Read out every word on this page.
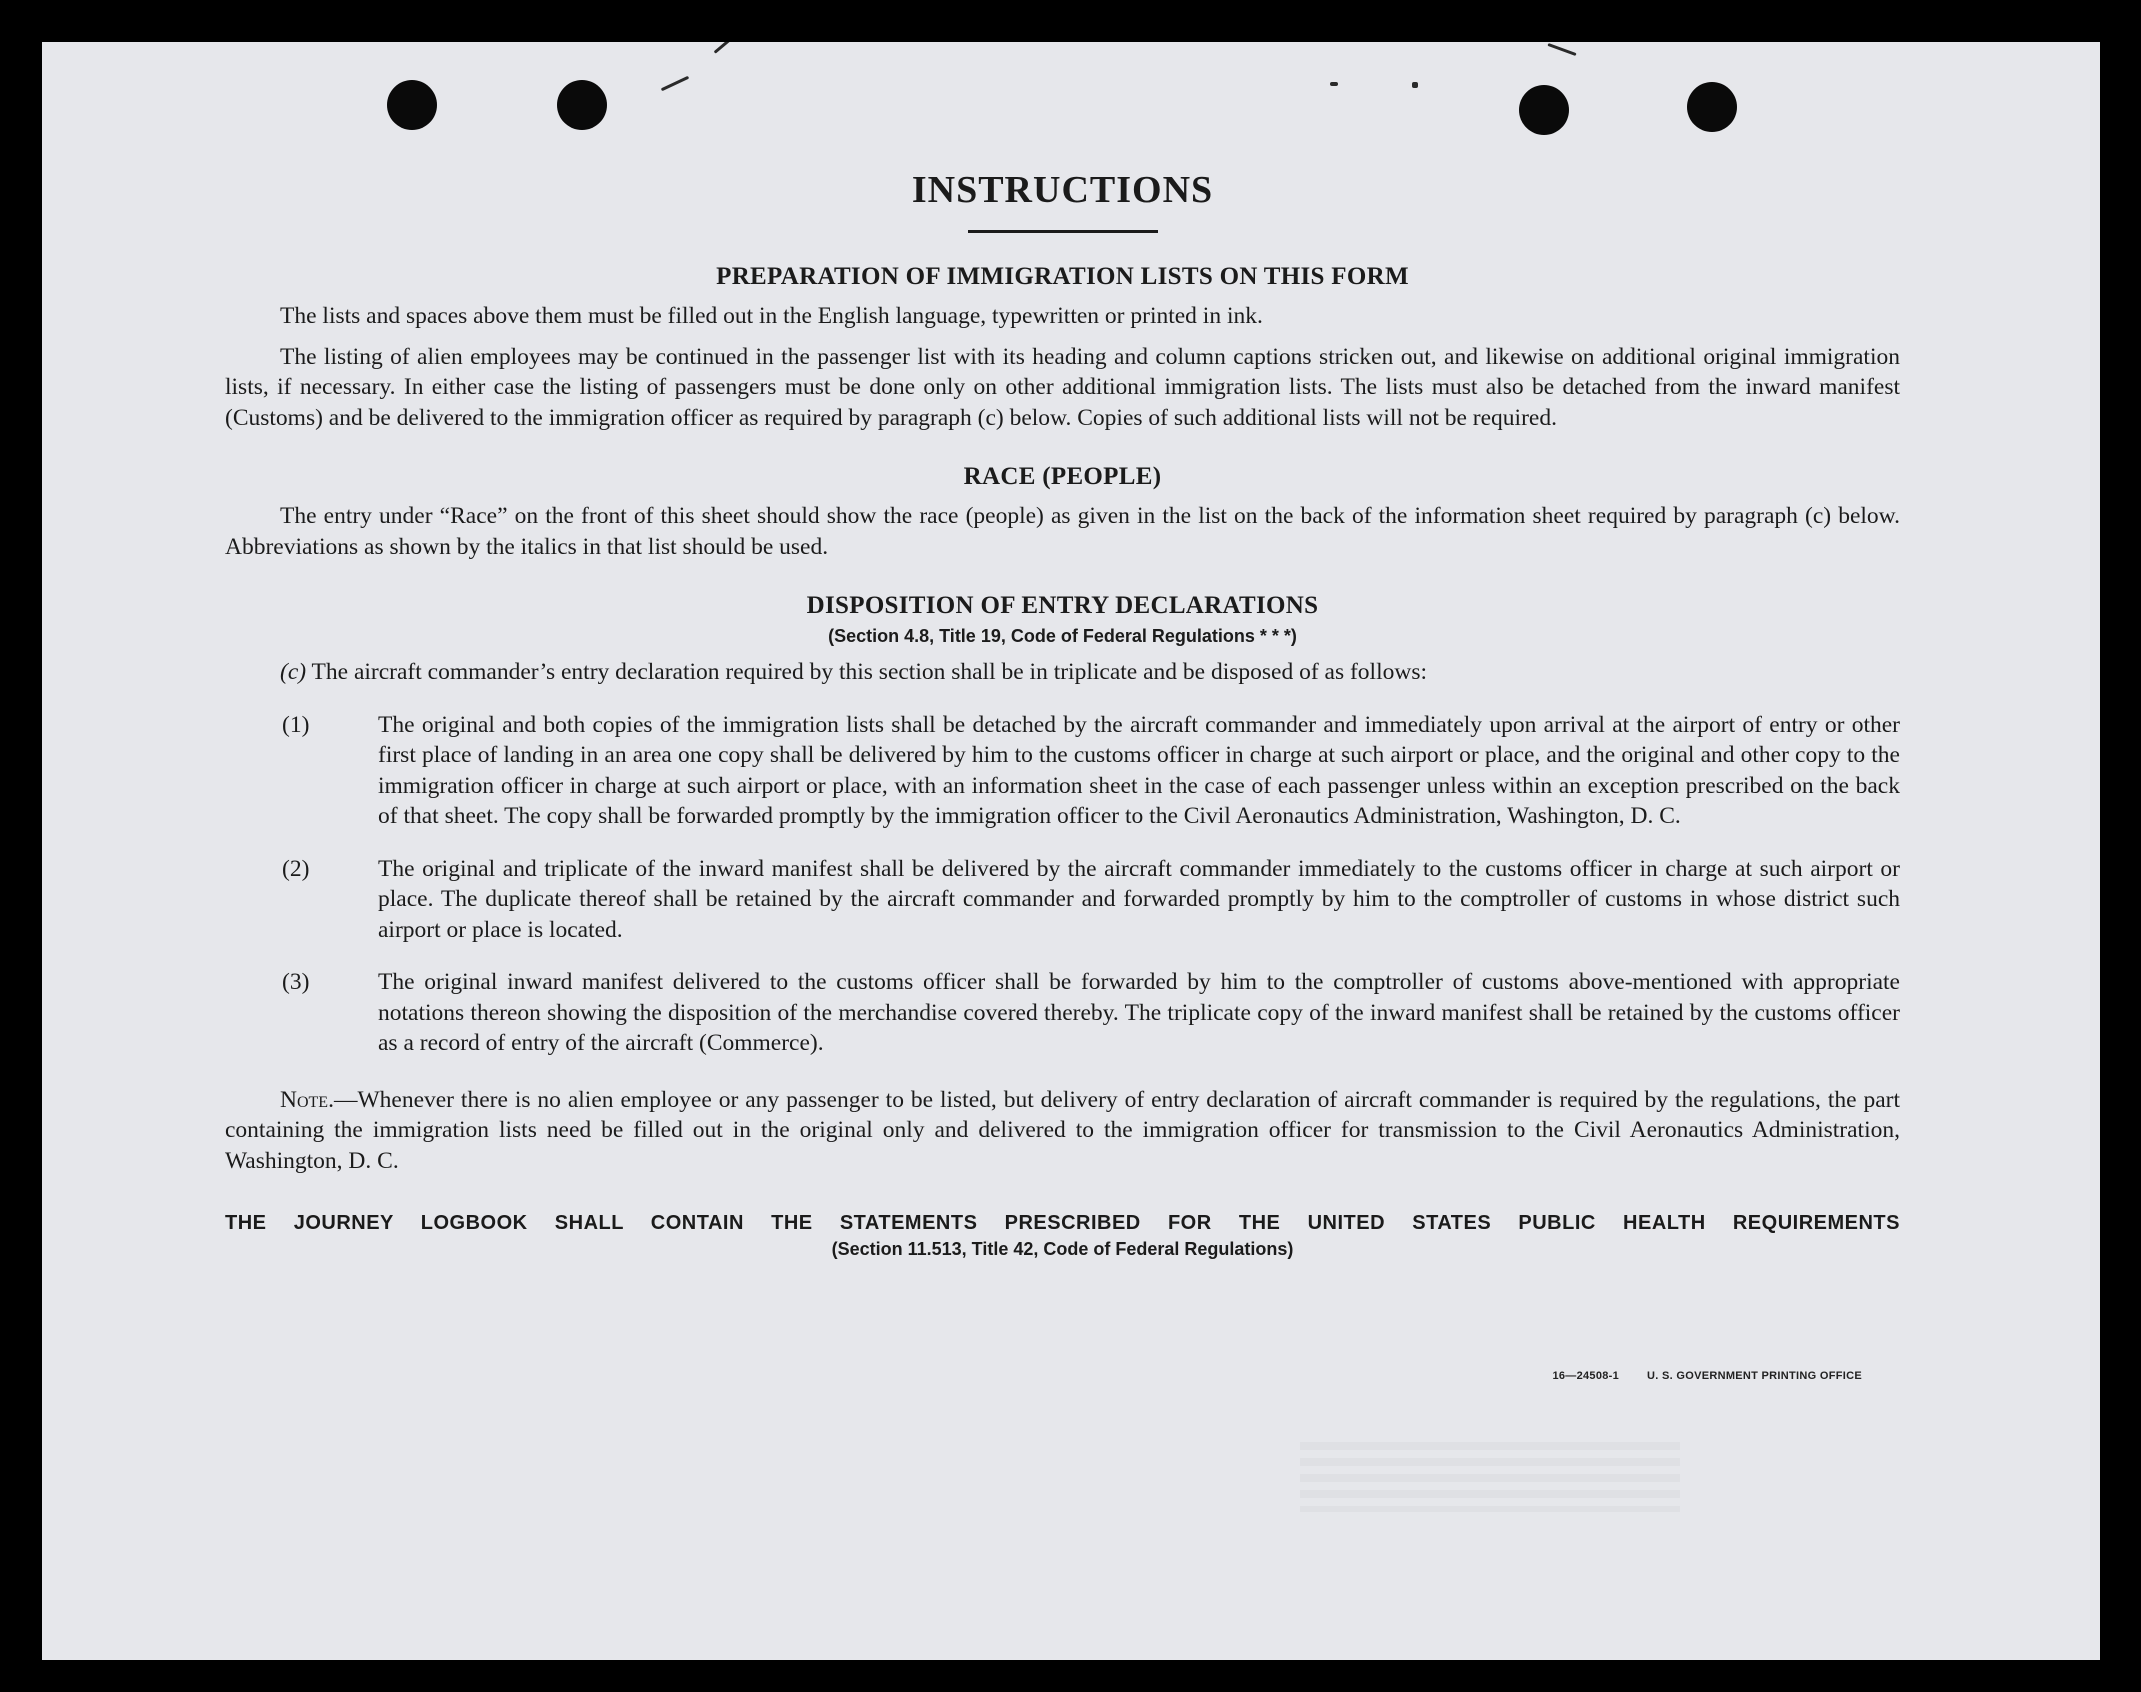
INSTRUCTIONS
PREPARATION OF IMMIGRATION LISTS ON THIS FORM

The lists and spaces above them must be filled out in the English language, typewritten or printed in ink.

The listing of alien employees may be continued in the passenger list with its heading and column captions stricken out, and likewise on additional original immigration lists, if necessary. In either case the listing of passengers must be done only on other additional immigration lists. The lists must also be detached from the inward manifest (Customs) and be delivered to the immigration officer as required by paragraph (c) below. Copies of such additional lists will not be required.

RACE (PEOPLE)

The entry under “Race” on the front of this sheet should show the race (people) as given in the list on the back of the information sheet required by paragraph (c) below. Abbreviations as shown by the italics in that list should be used.

DISPOSITION OF ENTRY DECLARATIONS
(Section 4.8, Title 19, Code of Federal Regulations * * *)
(c) The aircraft commander’s entry declaration required by this section shall be in triplicate and be disposed of as follows:
(1)	The original and both copies of the immigration lists shall be detached by the aircraft commander and immediately upon arrival at the airport of entry or other first place of landing in an area one copy shall be delivered by him to the customs officer in charge at such airport or place, and the original and other copy to the immigration officer in charge at such airport or place, with an information sheet in the case of each passenger unless within an exception prescribed on the back of that sheet. The copy shall be forwarded promptly by the immigration officer to the Civil Aeronautics Administration, Washington, D. C.
(2)	The original and triplicate of the inward manifest shall be delivered by the aircraft commander immediately to the customs officer in charge at such airport or place. The duplicate thereof shall be retained by the aircraft commander and forwarded promptly by him to the comptroller of customs in whose district such airport or place is located.
(3)	The original inward manifest delivered to the customs officer shall be forwarded by him to the comptroller of customs above-mentioned with appropriate notations thereon showing the disposition of the merchandise covered thereby. The triplicate copy of the inward manifest shall be retained by the customs officer as a record of entry of the aircraft (Commerce).

Note.—Whenever there is no alien employee or any passenger to be listed, but delivery of entry declaration of aircraft commander is required by the regulations, the part containing the immigration lists need be filled out in the original only and delivered to the immigration officer for transmission to the Civil Aeronautics Administration, Washington, D. C.

THE JOURNEY LOGBOOK SHALL CONTAIN THE STATEMENTS PRESCRIBED FOR THE UNITED STATES PUBLIC HEALTH REQUIREMENTS
(Section 11.513, Title 42, Code of Federal Regulations)
16—24508-1	U. S. GOVERNMENT PRINTING OFFICE
